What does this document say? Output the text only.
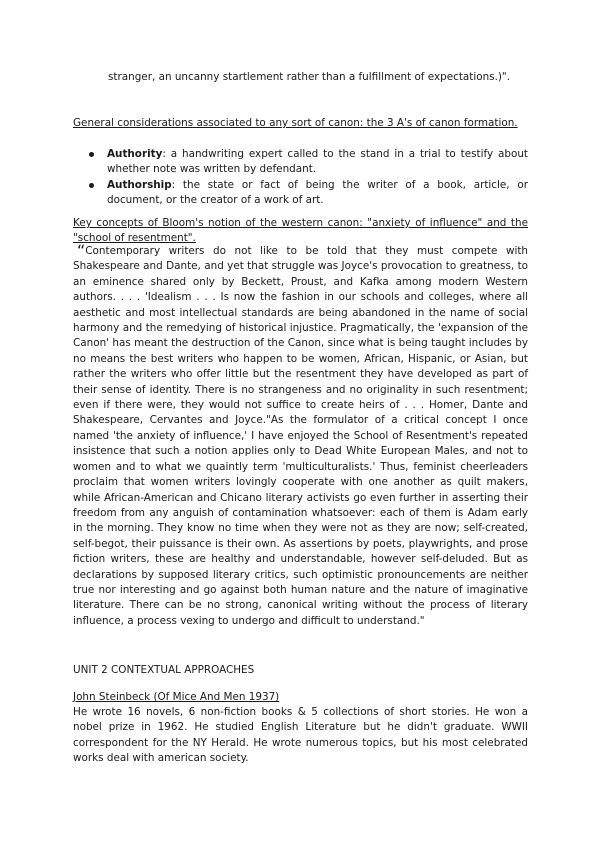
stranger, an uncanny startlement rather than a fulfillment of expectations.)".
General considerations associated to any sort of canon: the 3 A's of canon formation.
Authority: a handwriting expert called to the stand in a trial to testify about whether note was written by defendant.
Authorship: the state or fact of being the writer of a book, article, or document, or the creator of a work of art.
Key concepts of Bloom's notion of the western canon: "anxiety of influence" and the "school of resentment".
“Contemporary writers do not like to be told that they must compete with Shakespeare and Dante, and yet that struggle was Joyce's provocation to greatness, to an eminence shared only by Beckett, Proust, and Kafka among modern Western authors. . . . 'Idealism . . . Is now the fashion in our schools and colleges, where all aesthetic and most intellectual standards are being abandoned in the name of social harmony and the remedying of historical injustice. Pragmatically, the 'expansion of the Canon' has meant the destruction of the Canon, since what is being taught includes by no means the best writers who happen to be women, African, Hispanic, or Asian, but rather the writers who offer little but the resentment they have developed as part of their sense of identity. There is no strangeness and no originality in such resentment; even if there were, they would not suffice to create heirs of . . . Homer, Dante and Shakespeare, Cervantes and Joyce."As the formulator of a critical concept I once named 'the anxiety of influence,' I have enjoyed the School of Resentment's repeated insistence that such a notion applies only to Dead White European Males, and not to women and to what we quaintly term 'multiculturalists.' Thus, feminist cheerleaders proclaim that women writers lovingly cooperate with one another as quilt makers, while African-American and Chicano literary activists go even further in asserting their freedom from any anguish of contamination whatsoever: each of them is Adam early in the morning. They know no time when they were not as they are now; self-created, self-begot, their puissance is their own. As assertions by poets, playwrights, and prose fiction writers, these are healthy and understandable, however self-deluded. But as declarations by supposed literary critics, such optimistic pronouncements are neither true nor interesting and go against both human nature and the nature of imaginative literature. There can be no strong, canonical writing without the process of literary influence, a process vexing to undergo and difficult to understand."
UNIT 2 CONTEXTUAL APPROACHES
John Steinbeck (Of Mice And Men 1937)
He wrote 16 novels, 6 non-fiction books & 5 collections of short stories. He won a nobel prize in 1962. He studied English Literature but he didn't graduate. WWII correspondent for the NY Herald. He wrote numerous topics, but his most celebrated works deal with american society.
